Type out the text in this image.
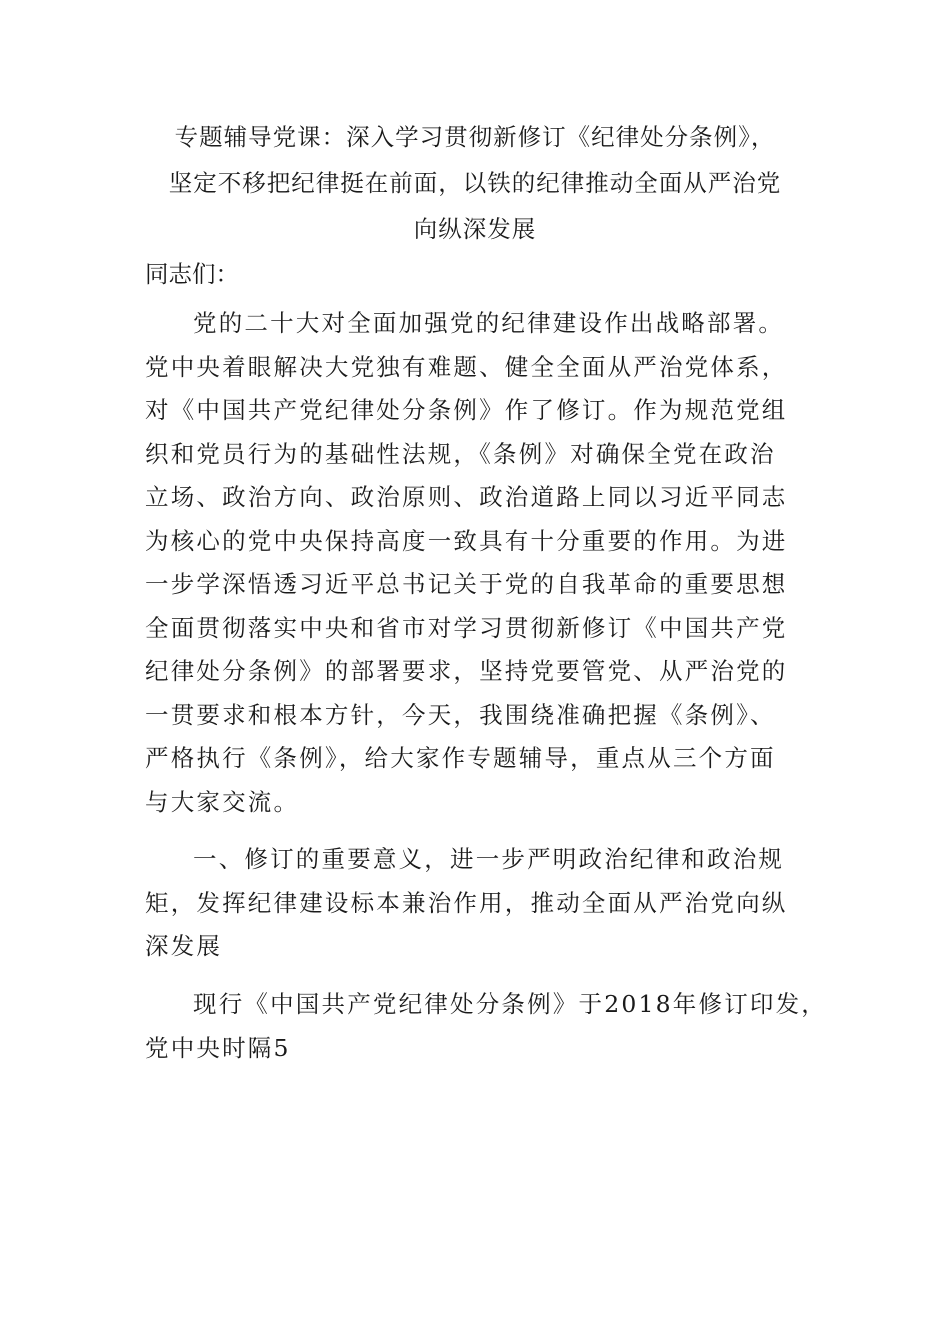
专题辅导党课：深入学习贯彻新修订《纪律处分条例》，
坚定不移把纪律挺在前面，以铁的纪律推动全面从严治党
向纵深发展

同志们：

党的二十大对全面加强党的纪律建设作出战略部署。
党中央着眼解决大党独有难题、健全全面从严治党体系，
对《中国共产党纪律处分条例》作了修订。作为规范党组
织和党员行为的基础性法规，《条例》对确保全党在政治
立场、政治方向、政治原则、政治道路上同以习近平同志
为核心的党中央保持高度一致具有十分重要的作用。为进
一步学深悟透习近平总书记关于党的自我革命的重要思想
全面贯彻落实中央和省市对学习贯彻新修订《中国共产党
纪律处分条例》的部署要求，坚持党要管党、从严治党的
一贯要求和根本方针，今天，我围绕准确把握《条例》、
严格执行《条例》，给大家作专题辅导，重点从三个方面
与大家交流。

一、修订的重要意义，进一步严明政治纪律和政治规
矩，发挥纪律建设标本兼治作用，推动全面从严治党向纵
深发展

现行《中国共产党纪律处分条例》于2018年修订印发，
党中央时隔5
